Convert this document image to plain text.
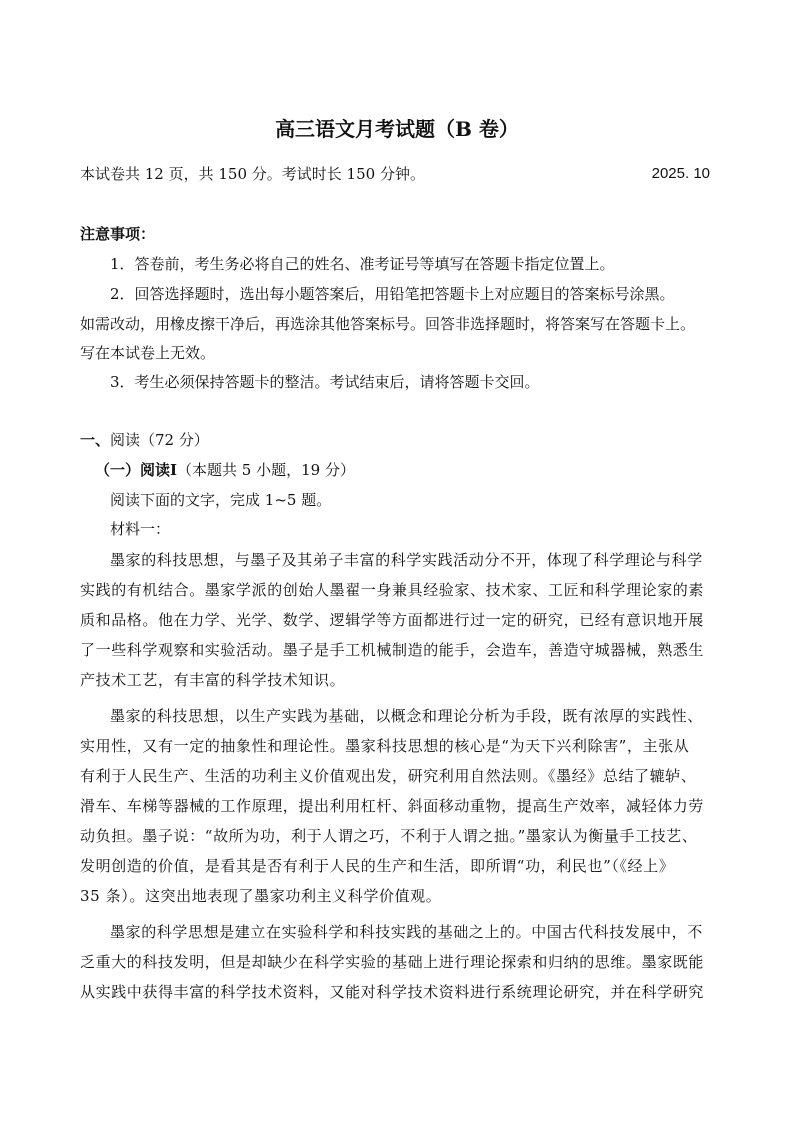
高三语文月考试题（B 卷）
本试卷共 12 页，共 150 分。考试时长 150 分钟。	2025. 10
注意事项：
1．答卷前，考生务必将自己的姓名、准考证号等填写在答题卡指定位置上。
2．回答选择题时，选出每小题答案后，用铅笔把答题卡上对应题目的答案标号涂黑。
如需改动，用橡皮擦干净后，再选涂其他答案标号。回答非选择题时，将答案写在答题卡上。
写在本试卷上无效。
3．考生必须保持答题卡的整洁。考试结束后，请将答题卡交回。
一、阅读（72 分）
（一）阅读Ⅰ（本题共 5 小题，19 分）
阅读下面的文字，完成 1~5 题。
材料一：
墨家的科技思想，与墨子及其弟子丰富的科学实践活动分不开，体现了科学理论与科学
实践的有机结合。墨家学派的创始人墨翟一身兼具经验家、技术家、工匠和科学理论家的素
质和品格。他在力学、光学、数学、逻辑学等方面都进行过一定的研究，已经有意识地开展
了一些科学观察和实验活动。墨子是手工机械制造的能手，会造车，善造守城器械，熟悉生
产技术工艺，有丰富的科学技术知识。
墨家的科技思想，以生产实践为基础，以概念和理论分析为手段，既有浓厚的实践性、
实用性，又有一定的抽象性和理论性。墨家科技思想的核心是“为天下兴利除害”，主张从
有利于人民生产、生活的功利主义价值观出发，研究利用自然法则。《墨经》总结了辘轳、
滑车、车梯等器械的工作原理，提出利用杠杆、斜面移动重物，提高生产效率，减轻体力劳
动负担。墨子说：“故所为功，利于人谓之巧，不利于人谓之拙。”墨家认为衡量手工技艺、
发明创造的价值，是看其是否有利于人民的生产和生活，即所谓“功，利民也”（《经上》
35 条）。这突出地表现了墨家功利主义科学价值观。
墨家的科学思想是建立在实验科学和科技实践的基础之上的。中国古代科技发展中，不
乏重大的科技发明，但是却缺少在科学实验的基础上进行理论探索和归纳的思维。墨家既能
从实践中获得丰富的科学技术资料，又能对科学技术资料进行系统理论研究，并在科学研究
